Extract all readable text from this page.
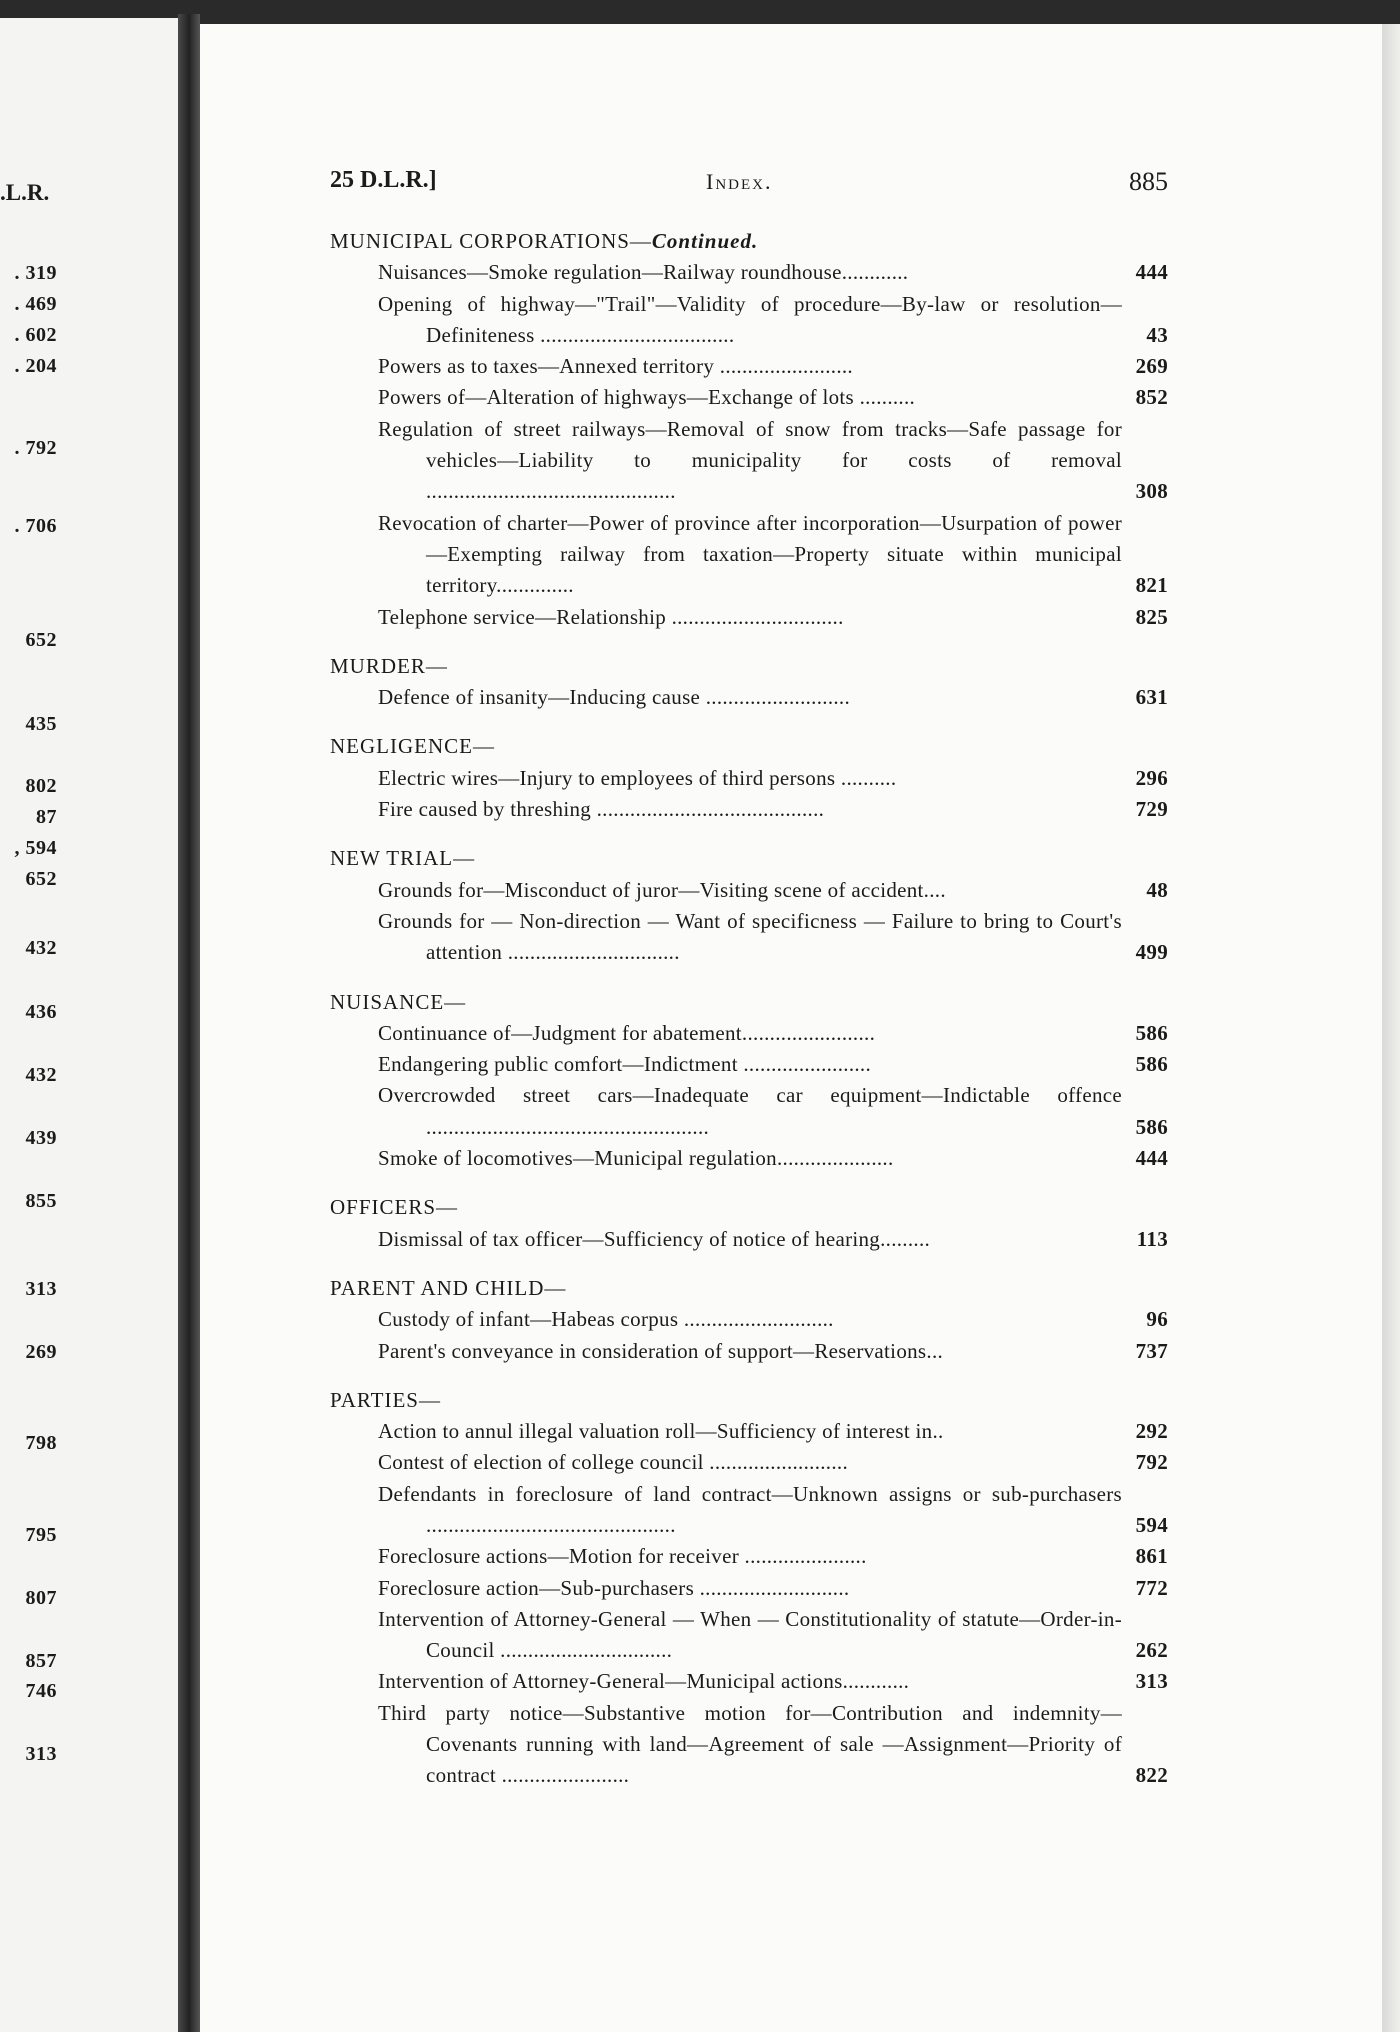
.L.R.
. 319
. 469
. 602
. 204
. 792
. 706
652
435
802
87
, 594
652
432
436
432
439
855
313
269
798
795
807
857
746
313
25 D.L.R.]	Index.	885
MUNICIPAL CORPORATIONS—Continued.
Nuisances—Smoke regulation—Railway roundhouse............	444
Opening of highway—"Trail"—Validity of procedure—By-law or resolution—Definiteness ...................................	43
Powers as to taxes—Annexed territory ........................	269
Powers of—Alteration of highways—Exchange of lots ..........	852
Regulation of street railways—Removal of snow from tracks—Safe passage for vehicles—Liability to municipality for costs of removal .............................................	308
Revocation of charter—Power of province after incorporation—Usurpation of power—Exempting railway from taxation—Property situate within municipal territory..............	821
Telephone service—Relationship ...............................	825
MURDER—
Defence of insanity—Inducing cause ..........................	631
NEGLIGENCE—
Electric wires—Injury to employees of third persons ..........	296
Fire caused by threshing .........................................	729
NEW TRIAL—
Grounds for—Misconduct of juror—Visiting scene of accident....	48
Grounds for — Non-direction — Want of specificness — Failure to bring to Court's attention ...............................	499
NUISANCE—
Continuance of—Judgment for abatement........................	586
Endangering public comfort—Indictment .......................	586
Overcrowded street cars—Inadequate car equipment—Indictable offence ...................................................	586
Smoke of locomotives—Municipal regulation.....................	444
OFFICERS—
Dismissal of tax officer—Sufficiency of notice of hearing.........	113
PARENT AND CHILD—
Custody of infant—Habeas corpus ...........................	96
Parent's conveyance in consideration of support—Reservations...	737
PARTIES—
Action to annul illegal valuation roll—Sufficiency of interest in..	292
Contest of election of college council .........................	792
Defendants in foreclosure of land contract—Unknown assigns or sub-purchasers .............................................	594
Foreclosure actions—Motion for receiver ......................	861
Foreclosure action—Sub-purchasers ...........................	772
Intervention of Attorney-General — When — Constitutionality of statute—Order-in-Council ...............................	262
Intervention of Attorney-General—Municipal actions............	313
Third party notice—Substantive motion for—Contribution and indemnity—Covenants running with land—Agreement of sale —Assignment—Priority of contract .......................	822
